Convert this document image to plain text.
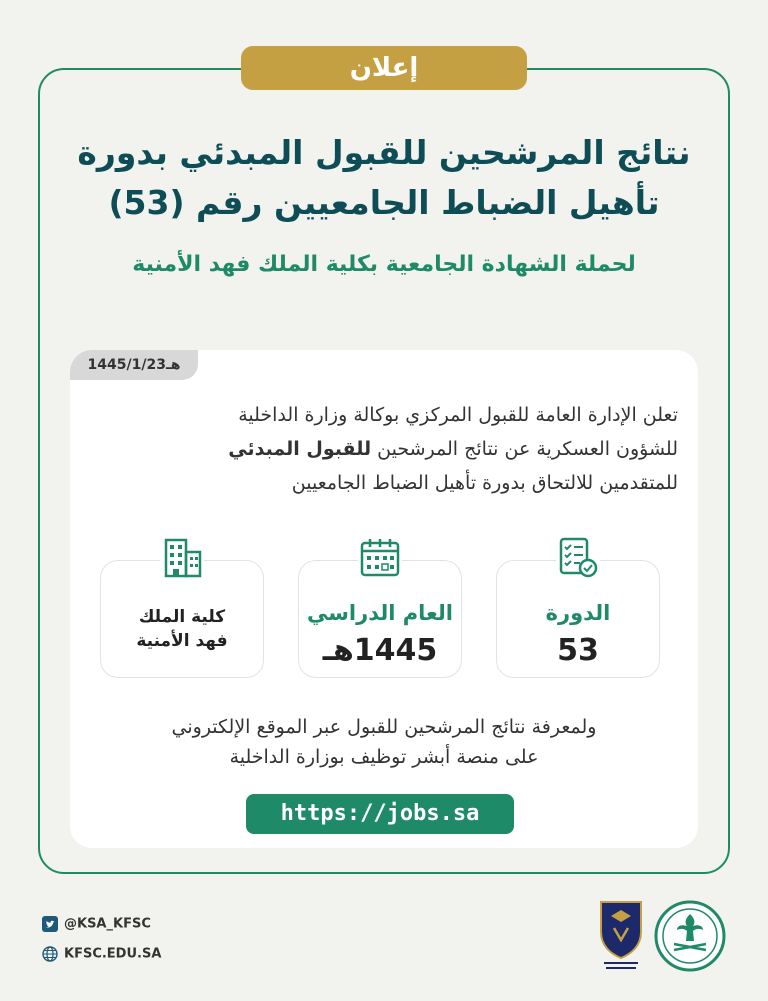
إعلان
نتائج المرشحين للقبول المبدئي بدورة
تأهيل الضباط الجامعيين رقم (53)
لحملة الشهادة الجامعية بكلية الملك فهد الأمنية
1445/1/23هـ
تعلن الإدارة العامة للقبول المركزي بوكالة وزارة الداخلية
للشؤون العسكرية عن نتائج المرشحين للقبول المبدئي
للمتقدمين للالتحاق بدورة تأهيل الضباط الجامعيين
الدورة
53
العام الدراسي
1445هـ
كلية الملك
فهد الأمنية
ولمعرفة نتائج المرشحين للقبول عبر الموقع الإلكتروني
على منصة أبشر توظيف بوزارة الداخلية
https://jobs.sa
@KSA_KFSC
KFSC.EDU.SA
